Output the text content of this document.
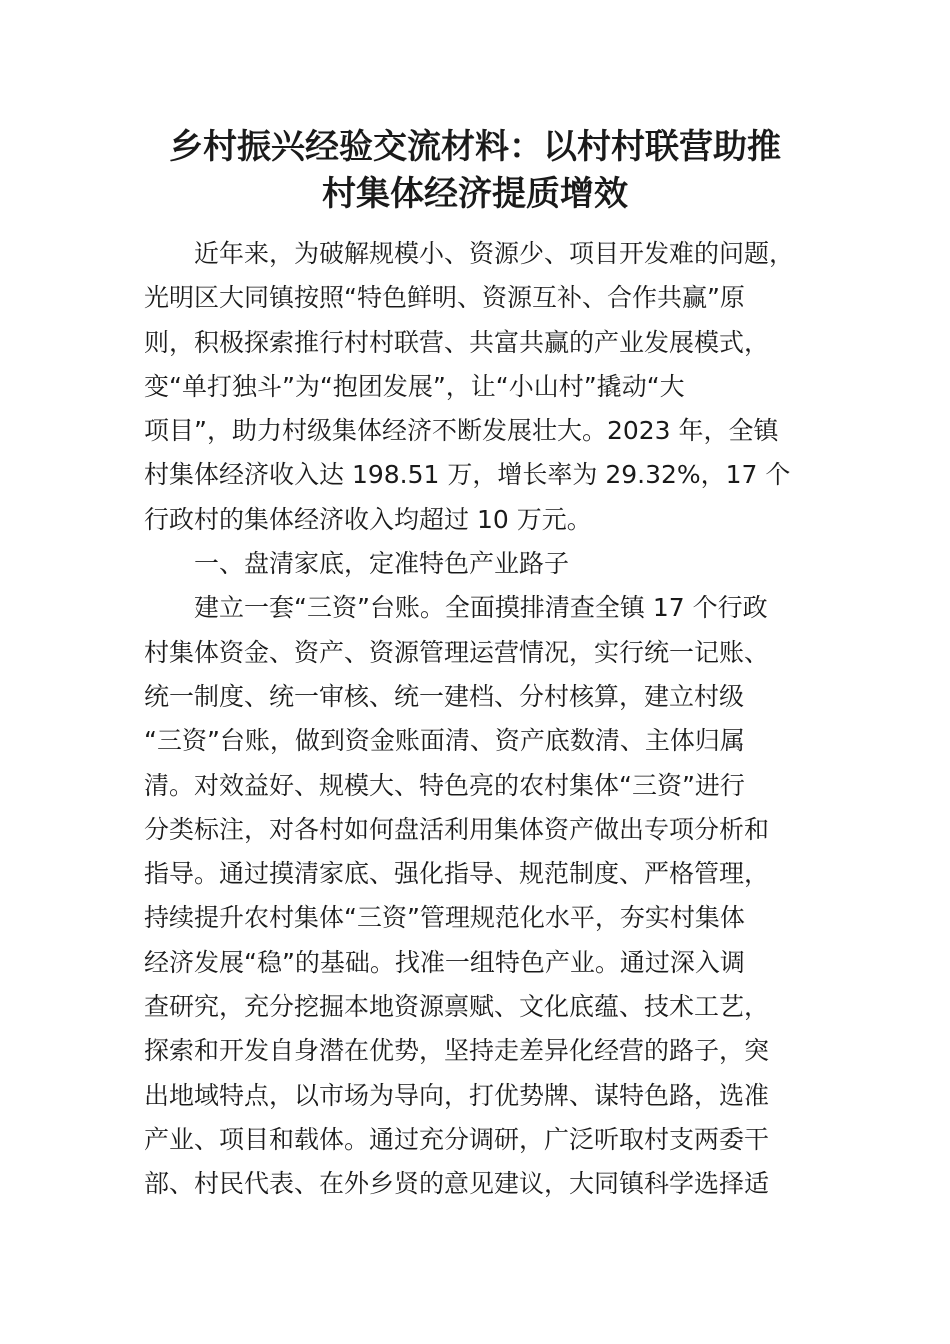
乡村振兴经验交流材料：以村村联营助推
村集体经济提质增效
近年来，为破解规模小、资源少、项目开发难的问题，
光明区大同镇按照“特色鲜明、资源互补、合作共赢”原
则，积极探索推行村村联营、共富共赢的产业发展模式，
变“单打独斗”为“抱团发展”，让“小山村”撬动“大
项目”，助力村级集体经济不断发展壮大。2023 年，全镇
村集体经济收入达 198.51 万，增长率为 29.32%，17 个
行政村的集体经济收入均超过 10 万元。
一、盘清家底，定准特色产业路子
建立一套“三资”台账。全面摸排清查全镇 17 个行政
村集体资金、资产、资源管理运营情况，实行统一记账、
统一制度、统一审核、统一建档、分村核算，建立村级
“三资”台账，做到资金账面清、资产底数清、主体归属
清。对效益好、规模大、特色亮的农村集体“三资”进行
分类标注，对各村如何盘活利用集体资产做出专项分析和
指导。通过摸清家底、强化指导、规范制度、严格管理，
持续提升农村集体“三资”管理规范化水平，夯实村集体
经济发展“稳”的基础。找准一组特色产业。通过深入调
查研究，充分挖掘本地资源禀赋、文化底蕴、技术工艺，
探索和开发自身潜在优势，坚持走差异化经营的路子，突
出地域特点，以市场为导向，打优势牌、谋特色路，选准
产业、项目和载体。通过充分调研，广泛听取村支两委干
部、村民代表、在外乡贤的意见建议，大同镇科学选择适
